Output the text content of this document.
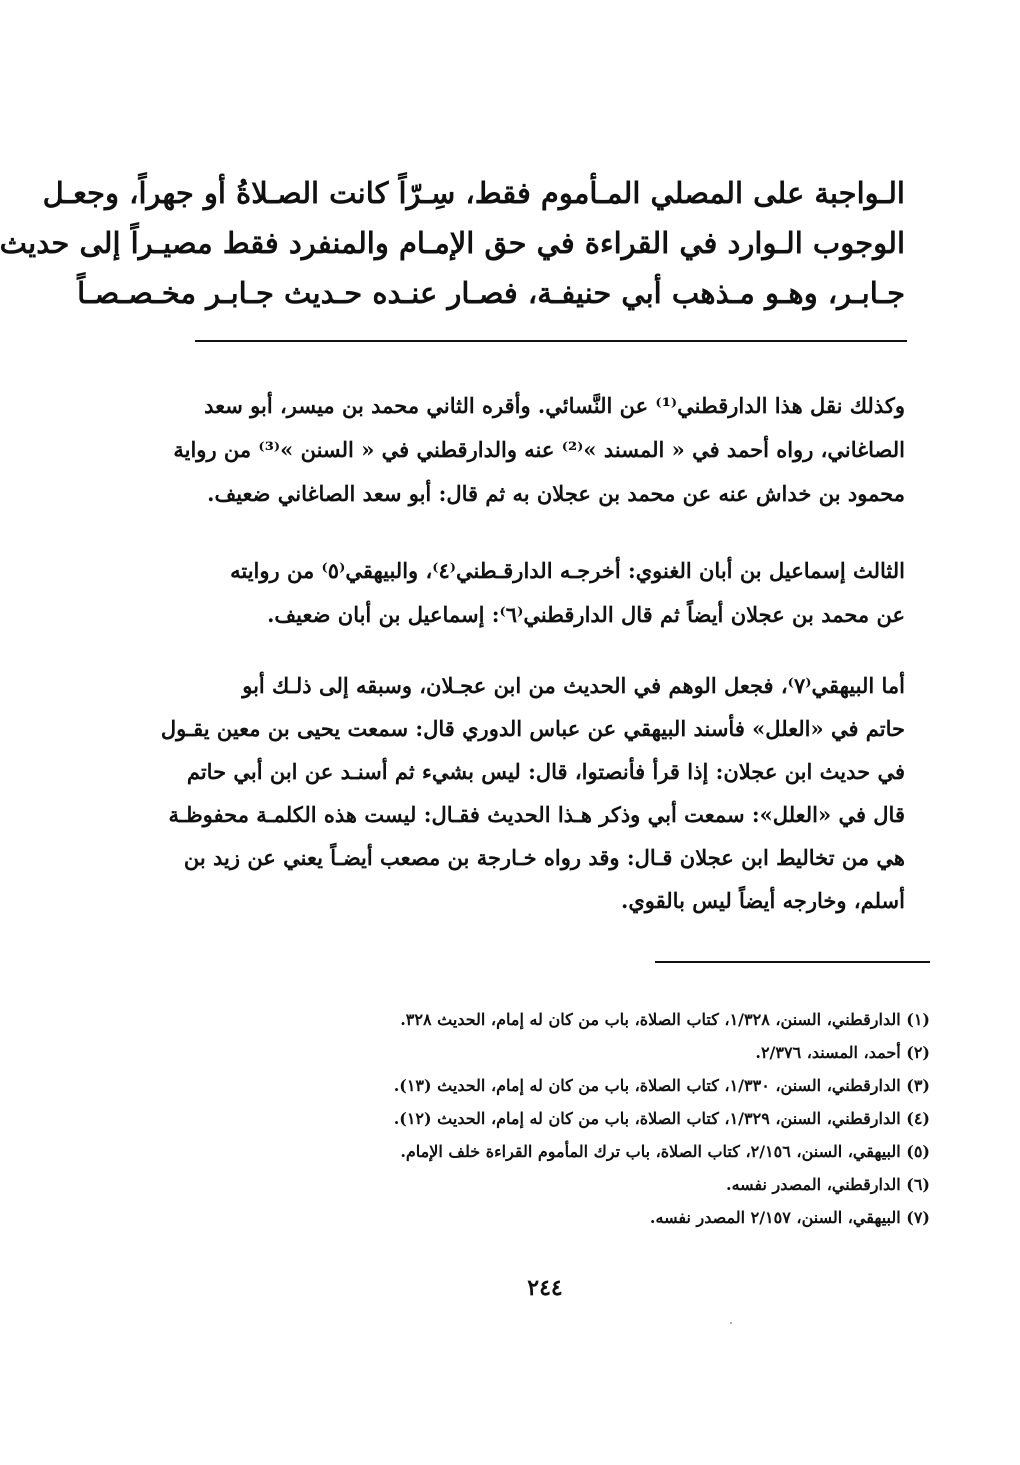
الـواجبة على المصلي المـأموم فقط، سِـرّاً كانت الصـلاةُ أو جهراً، وجعـل
الوجوب الـوارد في القراءة في حق الإمـام والمنفرد فقط مصيـراً إلى حديث
جـابـر، وهـو مـذهب أبي حنيفـة، فصـار عنـده حـديث جـابـر مخـصـصـاً
وكذلك نقل هذا الدارقطني⁽¹⁾ عن النَّسائي. وأقره الثاني محمد بن ميسر، أبو سعد
الصاغاني، رواه أحمد في « المسند »⁽²⁾ عنه والدارقطني في « السنن »⁽³⁾ من رواية
محمود بن خداش عنه عن محمد بن عجلان به ثم قال: أبو سعد الصاغاني ضعيف.
الثالث إسماعيل بن أبان الغنوي: أخرجـه الدارقـطني⁽٤⁾، والبيهقي⁽٥⁾ من روايته
عن محمد بن عجلان أيضاً ثم قال الدارقطني⁽٦⁾: إسماعيل بن أبان ضعيف.
أما البيهقي⁽٧⁾، فجعل الوهم في الحديث من ابن عجـلان، وسبقه إلى ذلـك أبو
حاتم في «العلل» فأسند البيهقي عن عباس الدوري قال: سمعت يحيى بن معين يقـول
في حديث ابن عجلان: إذا قرأ فأنصتوا، قال: ليس بشيء ثم أسنـد عن ابن أبي حاتم
قال في «العلل»: سمعت أبي وذكر هـذا الحديث فقـال: ليست هذه الكلمـة محفوظـة
هي من تخاليط ابن عجلان قـال: وقد رواه خـارجة بن مصعب أيضـاً يعني عن زيد بن
أسلم، وخارجه أيضاً ليس بالقوي.
(١) الدارقطني، السنن، ١/٣٢٨، كتاب الصلاة، باب من كان له إمام، الحديث ٣٢٨.
(٢) أحمد، المسند، ٢/٣٧٦.
(٣) الدارقطني، السنن، ١/٣٣٠، كتاب الصلاة، باب من كان له إمام، الحديث (١٣).
(٤) الدارقطني، السنن، ١/٣٢٩، كتاب الصلاة، باب من كان له إمام، الحديث (١٢).
(٥) البيهقي، السنن، ٢/١٥٦، كتاب الصلاة، باب ترك المأموم القراءة خلف الإمام.
(٦) الدارقطني، المصدر نفسه.
(٧) البيهقي، السنن، ٢/١٥٧ المصدر نفسه.
٢٤٤
